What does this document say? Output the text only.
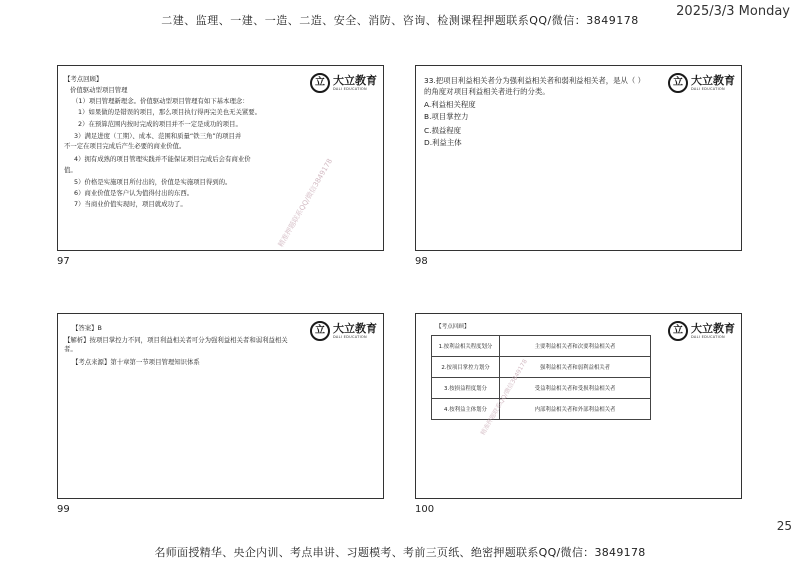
二建、监理、一建、一造、二造、安全、消防、咨询、检测课程押题联系QQ/微信：3849178
2025/3/3 Monday
立 大立教育
DALI EDUCATION
【考点回顾】
价值驱动型项目管理
（1）项目管理新理念。价值驱动型项目管理有如下基本理念：
1）如果做的是错误的项目，那么项目执行得再完美也无关紧要。
2）在预算范围内按时完成的项目并不一定是成功的项目。
3）满足进度（工期）、成本、范围和质量“铁三角”的项目并
不一定在项目完成后产生必要的商业价值。
4）拥有成熟的项目管理实践并不能保证项目完成后会有商业价
值。
5）价格是实施项目所付出的，价值是实施项目得到的。
6）商业价值是客户认为值得付出的东西。
7）当商业价值实现时，项目就成功了。	精准押题联系QQ/微信3849178
97
立 大立教育
DALI EDUCATION
33.把项目利益相关者分为强利益相关者和弱利益相关者，是从（ ）的角度对项目利益相关者进行的分类。
A.利益相关程度
B.项目掌控力
C.损益程度
D.利益主体
98
立 大立教育
DALI EDUCATION
【答案】B
【解析】按项目掌控力不同，项目利益相关者可分为强利益相关者和弱利益相关者。
【考点来源】第十章第一节项目管理知识体系
99
立 大立教育
DALI EDUCATION
【考点回顾】
1.按利益相关程度划分	主要利益相关者和次要利益相关者
2.按项目掌控力划分	强利益相关者和弱利益相关者
3.按损益程度划分	受益利益相关者和受损利益相关者
4.按利益主体划分	内部利益相关者和外部利益相关者
精准押题联系QQ/微信3849178
100
25
名师面授精华、央企内训、考点串讲、习题模考、考前三页纸、绝密押题联系QQ/微信：3849178
